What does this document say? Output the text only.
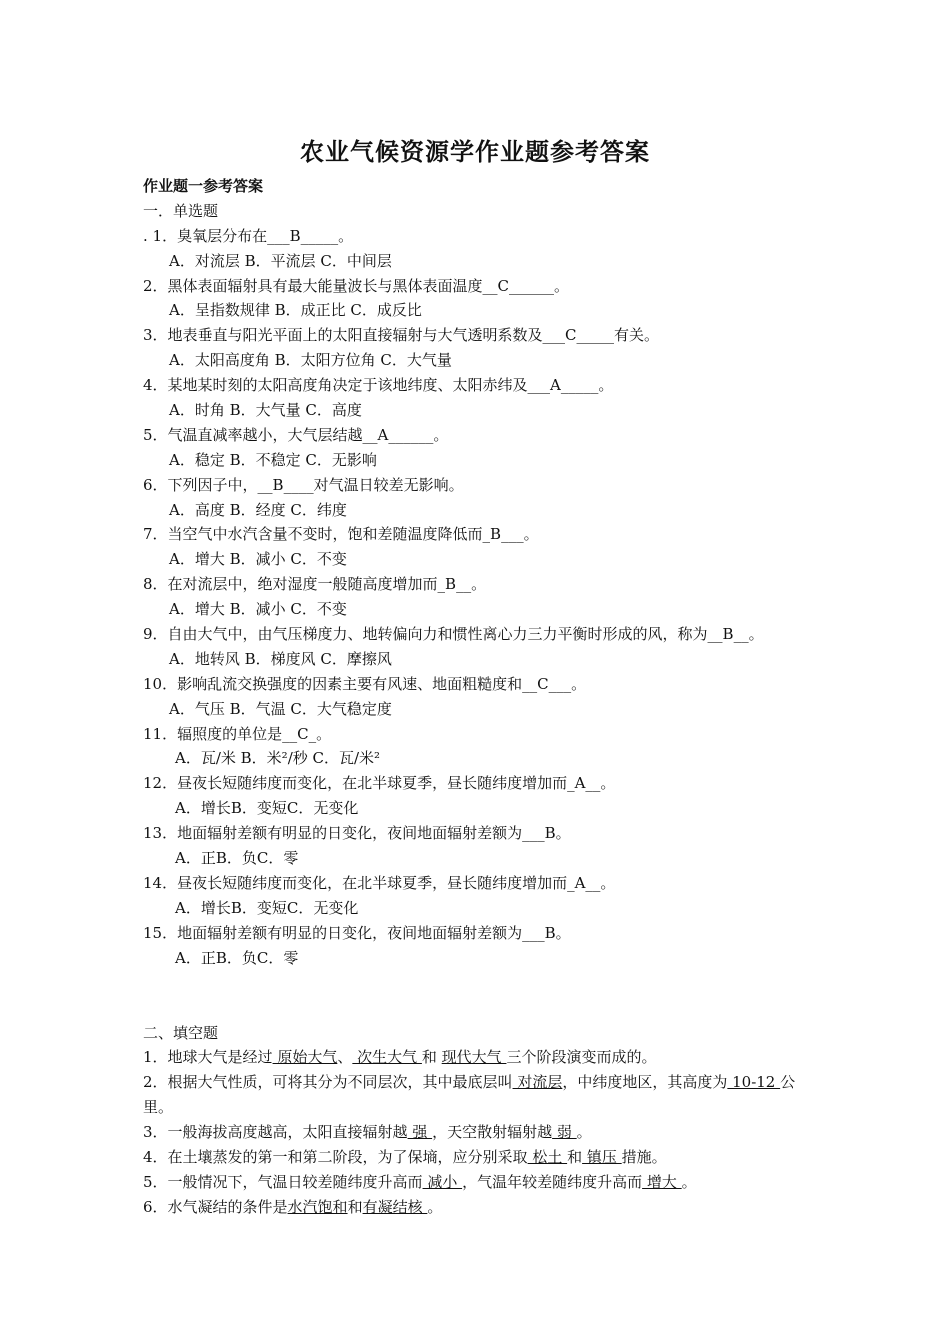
农业气候资源学作业题参考答案
作业题一参考答案
一．单选题
. 1．臭氧层分布在___B_____。
A．对流层 B．平流层 C．中间层
2．黑体表面辐射具有最大能量波长与黑体表面温度__C______。
A．呈指数规律 B．成正比 C．成反比
3．地表垂直与阳光平面上的太阳直接辐射与大气透明系数及___C_____有关。
A．太阳高度角 B．太阳方位角 C．大气量
4．某地某时刻的太阳高度角决定于该地纬度、太阳赤纬及___A_____。
A．时角 B．大气量 C．高度
5．气温直减率越小，大气层结越__A______。
A．稳定 B．不稳定 C．无影响
6．下列因子中，__B____对气温日较差无影响。
A．高度 B．经度 C．纬度
7．当空气中水汽含量不变时，饱和差随温度降低而_B___。
A．增大 B．减小 C．不变
8．在对流层中，绝对湿度一般随高度增加而_B__。
A．增大 B．减小 C．不变
9．自由大气中，由气压梯度力、地转偏向力和惯性离心力三力平衡时形成的风，称为__B__。
A．地转风 B．梯度风 C．摩擦风
10．影响乱流交换强度的因素主要有风速、地面粗糙度和__C___。
A．气压 B．气温 C．大气稳定度
11．辐照度的单位是__C_。
A．瓦/米 B．米²/秒 C．瓦/米²
12．昼夜长短随纬度而变化，在北半球夏季，昼长随纬度增加而_A__。
A．增长B．变短C．无变化
13．地面辐射差额有明显的日变化，夜间地面辐射差额为___B。
A．正B．负C．零
14．昼夜长短随纬度而变化，在北半球夏季，昼长随纬度增加而_A__。
A．增长B．变短C．无变化
15．地面辐射差额有明显的日变化，夜间地面辐射差额为___B。
A．正B．负C．零
二、填空题
1．地球大气是经过 原始大气、 次生大气 和 现代大气 三个阶段演变而成的。
2．根据大气性质，可将其分为不同层次，其中最底层叫 对流层，中纬度地区，其高度为 10-12 公里。
3．一般海拔高度越高，太阳直接辐射越 强 ，天空散射辐射越 弱 。
4．在土壤蒸发的第一和第二阶段，为了保墒，应分别采取 松土 和 镇压 措施。
5．一般情况下，气温日较差随纬度升高而 减小 ，气温年较差随纬度升高而 增大 。
6．水气凝结的条件是水汽饱和和有凝结核 。
